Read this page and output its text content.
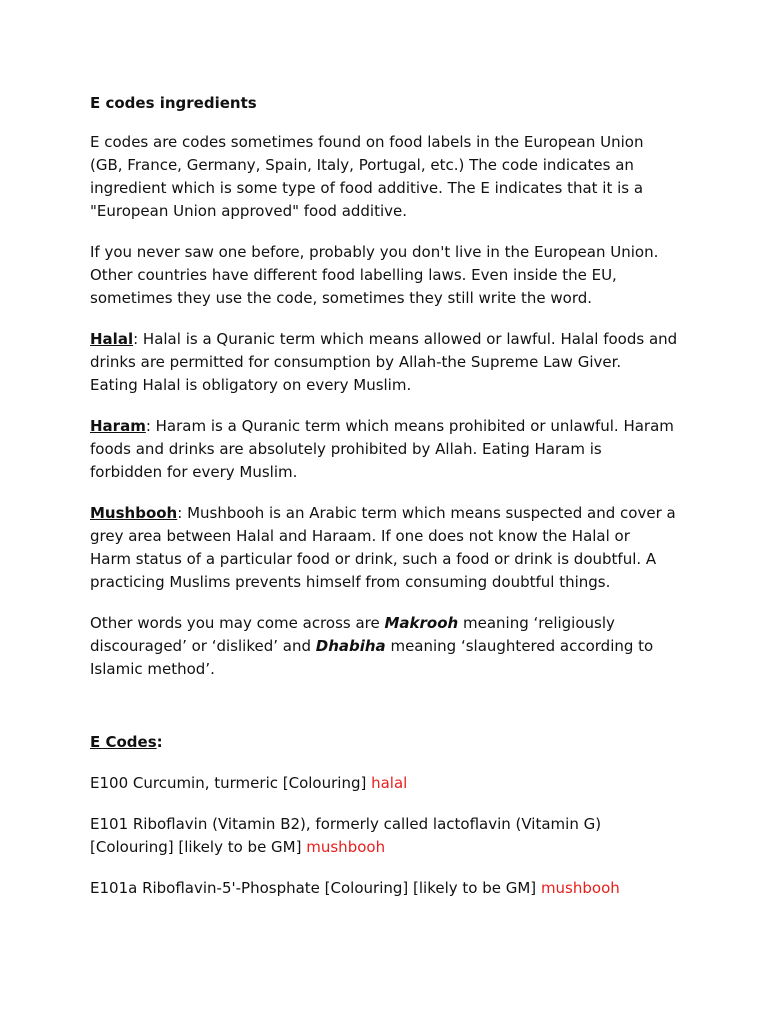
E codes ingredients

E codes are codes sometimes found on food labels in the European Union
(GB, France, Germany, Spain, Italy, Portugal, etc.) The code indicates an
ingredient which is some type of food additive. The E indicates that it is a
"European Union approved" food additive.

If you never saw one before, probably you don't live in the European Union.
Other countries have different food labelling laws. Even inside the EU,
sometimes they use the code, sometimes they still write the word.

Halal: Halal is a Quranic term which means allowed or lawful. Halal foods and
drinks are permitted for consumption by Allah-the Supreme Law Giver.
Eating Halal is obligatory on every Muslim.

Haram: Haram is a Quranic term which means prohibited or unlawful. Haram
foods and drinks are absolutely prohibited by Allah. Eating Haram is
forbidden for every Muslim.

Mushbooh: Mushbooh is an Arabic term which means suspected and cover a
grey area between Halal and Haraam. If one does not know the Halal or
Harm status of a particular food or drink, such a food or drink is doubtful. A
practicing Muslims prevents himself from consuming doubtful things.

Other words you may come across are Makrooh meaning ‘religiously
discouraged’ or ‘disliked’ and Dhabiha meaning ‘slaughtered according to
Islamic method’.

E Codes:

E100 Curcumin, turmeric [Colouring] halal

E101 Riboflavin (Vitamin B2), formerly called lactoflavin (Vitamin G)
[Colouring] [likely to be GM] mushbooh

E101a Riboflavin-5'-Phosphate [Colouring] [likely to be GM] mushbooh
